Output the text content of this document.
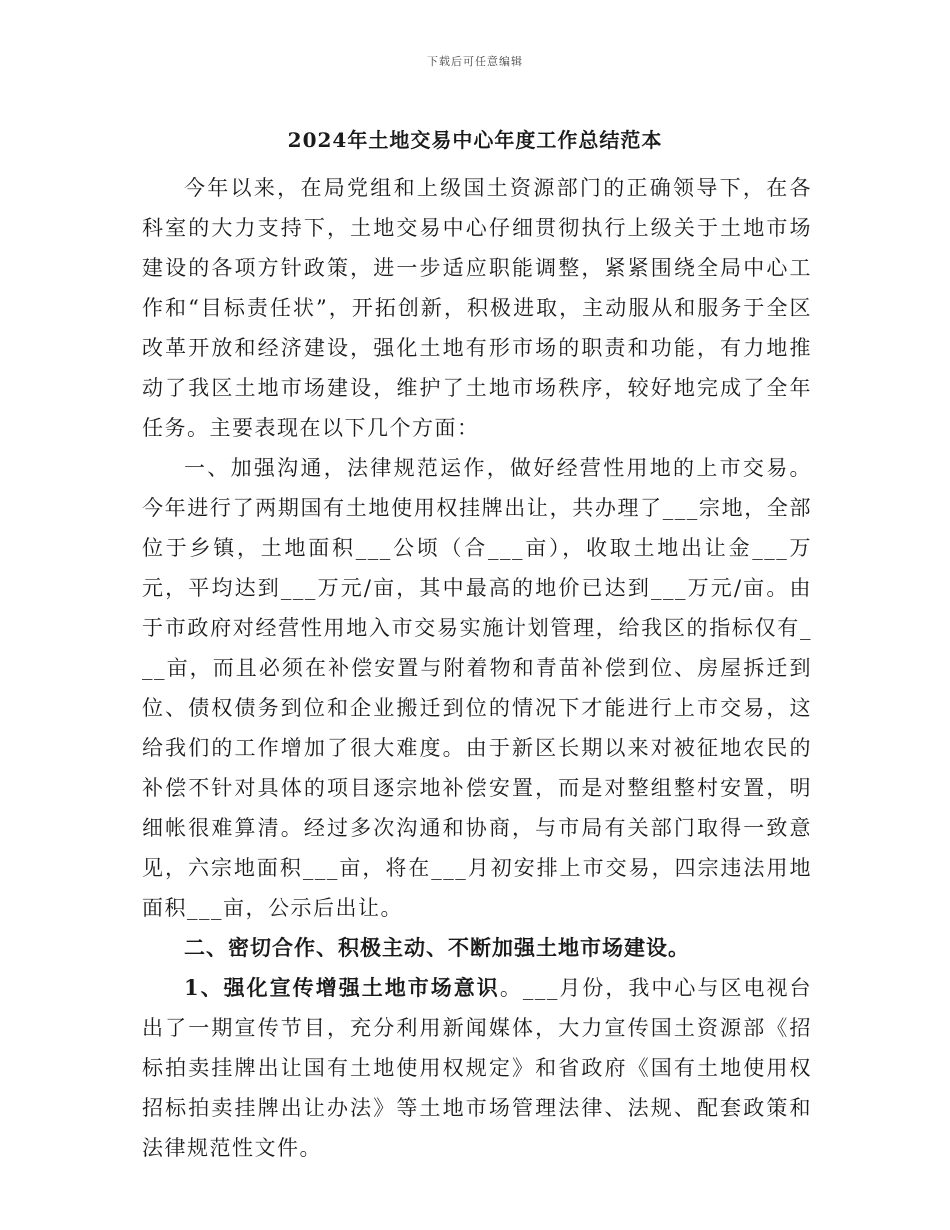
下载后可任意编辑
2024年土地交易中心年度工作总结范本

今年以来，在局党组和上级国土资源部门的正确领导下，在各科室的大力支持下，土地交易中心仔细贯彻执行上级关于土地市场建设的各项方针政策，进一步适应职能调整，紧紧围绕全局中心工作和“目标责任状”，开拓创新，积极进取，主动服从和服务于全区改革开放和经济建设，强化土地有形市场的职责和功能，有力地推动了我区土地市场建设，维护了土地市场秩序，较好地完成了全年任务。主要表现在以下几个方面：

一、加强沟通，法律规范运作，做好经营性用地的上市交易。今年进行了两期国有土地使用权挂牌出让，共办理了___宗地，全部位于乡镇，土地面积___公顷（合___亩），收取土地出让金___万元，平均达到___万元/亩，其中最高的地价已达到___万元/亩。由于市政府对经营性用地入市交易实施计划管理，给我区的指标仅有___亩，而且必须在补偿安置与附着物和青苗补偿到位、房屋拆迁到位、债权债务到位和企业搬迁到位的情况下才能进行上市交易，这给我们的工作增加了很大难度。由于新区长期以来对被征地农民的补偿不针对具体的项目逐宗地补偿安置，而是对整组整村安置，明细帐很难算清。经过多次沟通和协商，与市局有关部门取得一致意见，六宗地面积___亩，将在___月初安排上市交易，四宗违法用地面积___亩，公示后出让。

二、密切合作、积极主动、不断加强土地市场建设。

1、强化宣传增强土地市场意识。___月份，我中心与区电视台出了一期宣传节目，充分利用新闻媒体，大力宣传国土资源部《招标拍卖挂牌出让国有土地使用权规定》和省政府《国有土地使用权招标拍卖挂牌出让办法》等土地市场管理法律、法规、配套政策和法律规范性文件。
